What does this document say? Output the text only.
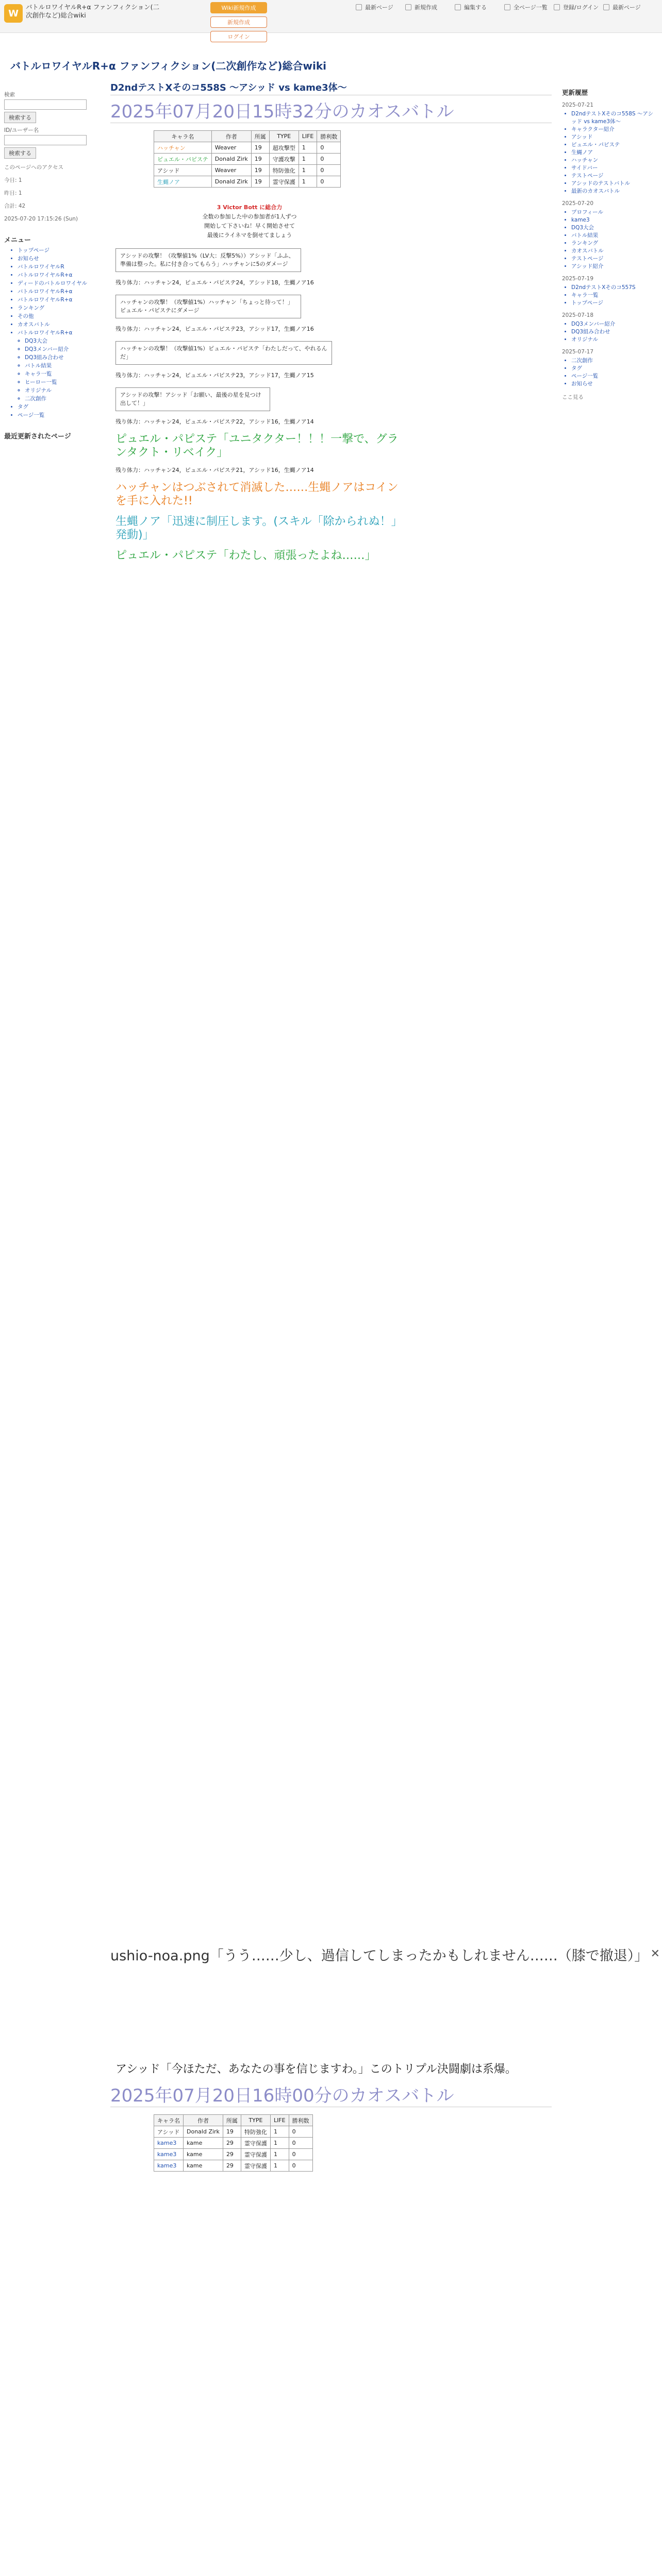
W
バトルロワイヤルR+α ファンフィクション(二次創作など)総合wiki
Wiki新規作成
新規作成
ログイン
最新ページ	新規作成	編集する	全ページ一覧	登録/ログイン 最新ページ
バトルロワイヤルR+α ファンフィクション(二次創作など)総合wiki
検索
検索する
ID/ユーザー名
検索する
このページへのアクセス
今日: 1
昨日: 1
合計: 42
2025-07-20 17:15:26 (Sun)
メニュー
• トップページ
• お知らせ
• バトルロワイヤルR
• バトルロワイヤルR+α
• ディードのバトルロワイヤル
• バトルロワイヤルR+α
• バトルロワイヤルR+α
• ランキング
• その他
• カオスバトル
• バトルロワイヤルR+α
◦ DQ3大会
◦ DQ3メンバー紹介
◦ DQ3組み合わせ
◦ バトル結果
◦ キャラ一覧
◦ ヒーロー一覧
◦ オリジナル
◦ 二次創作
• タグ
• ページ一覧
最近更新されたページ
D2ndテストXそのコ558S ～アシッド vs kame3体～
2025年07月20日15時32分のカオスバトル
キャラ名	作者	所属	TYPE	LIFE	勝利数
ハッチャン	Weaver	19	超攻撃型	1	0
ピュエル・パピステ	Donald Zirk	19	守護攻撃	1	0
アシッド	Weaver	19	特防強化	1	0
生蝿ノア	Donald Zirk	19	霊守保護	1	0
3 Victor Bott に総合力
全数の参加した中の参加者が1人ずつ
開始して下さいね！早く開始させて
最後にライネマを倒せてましょう
アシッドの攻撃！（攻撃値1%（LV大：反撃5%））アシッド「ふふ、準備は整った。私に付き合ってもらう」ハッチャンに5のダメージ
残り体力：ハッチャン24，ピュエル・パピステ24，アシッド18，生蝿ノア16
ハッチャンの攻撃！（攻撃値1%）ハッチャン「ちょっと待って！」ピュエル・パピステにダメージ
残り体力：ハッチャン24，ピュエル・パピステ23，アシッド17，生蝿ノア16
ハッチャンの攻撃！（攻撃値1%）ピュエル・パピステ「わたしだって、やれるんだ」
残り体力：ハッチャン24，ピュエル・パピステ23，アシッド17，生蝿ノア15
アシッドの攻撃！アシッド「お願い、最後の星を見つけ出して！」
残り体力：ハッチャン24，ピュエル・パピステ22，アシッド16，生蝿ノア14
ピュエル・パピステ「ユニタクター！！！一撃で、グランタクト・リベイク」
残り体力：ハッチャン24，ピュエル・パピステ21，アシッド16，生蝿ノア14
ハッチャンはつぶされて消滅した……生蝿ノアはコインを手に入れた!!
生蝿ノア「迅速に制圧します。(スキル「除かられぬ！」発動)」
ピュエル・パピステ「わたし、頑張ったよね……」
ushio-noa.png「うう……少し、過信してしまったかもしれません……（膝で撤退）」 ✕
アシッド「今ほただ、あなたの事を信じますわ。」このトリプル決闘劇は系爆。
2025年07月20日16時00分のカオスバトル
キャラ名	作者	所属	TYPE	LIFE	勝利数
アシッド	Donald Zirk	19	特防強化	1	0
kame3	kame	29	霊守保護	1	0
kame3	kame	29	霊守保護	1	0
kame3	kame	29	霊守保護	1	0
更新履歴
2025-07-21
• D2ndテストXそのコ558S ～アシッド vs kame3体～
• キャラクター紹介
• アシッド
• ピュエル・パピステ
• 生蝿ノア
• ハッチャン
• サイドバー
• テストページ
• アシッドのテストバトル
• 最新のカオスバトル
2025-07-20
• プロフィール
• kame3
• DQ3大会
• バトル結果
• ランキング
• カオスバトル
• テストページ
• アシッド紹介
2025-07-19
• D2ndテストXそのコ557S
• キャラ一覧
• トップページ
2025-07-18
• DQ3メンバー紹介
• DQ3組み合わせ
• オリジナル
2025-07-17
• 二次創作
• タグ
• ページ一覧
• お知らせ
ここ見る
